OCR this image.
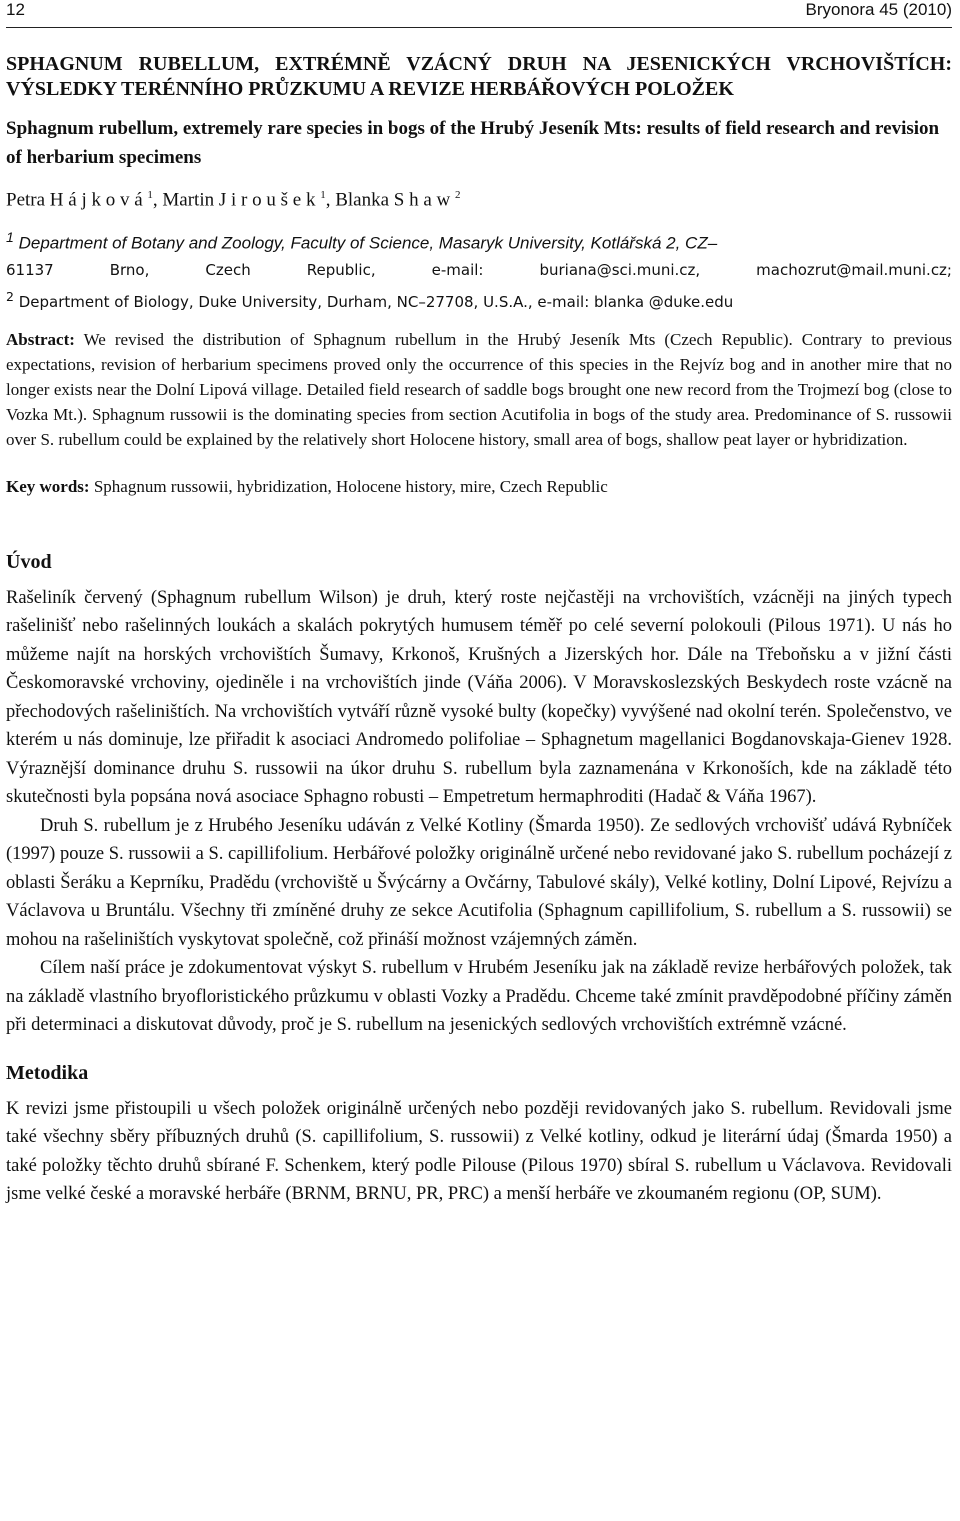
12	Bryonora 45 (2010)

SPHAGNUM RUBELLUM, EXTRÉMNĚ VZÁCNÝ DRUH NA JESENICKÝCH VRCHOVIŠTÍCH: VÝSLEDKY TERÉNNÍHO PRŮZKUMU A REVIZE HERBÁŘOVÝCH POLOŽEK

Sphagnum rubellum, extremely rare species in bogs of the Hrubý Jeseník Mts: results of field research and revision of herbarium specimens

Petra H á j k o v á $^1$, Martin J i r o u š e k $^1$, Blanka S h a w $^2$

$^1$ Department of Botany and Zoology, Faculty of Science, Masaryk University, Kotlářská 2, CZ–

61137 Brno, Czech Republic, e-mail: buriana@sci.muni.cz, machozrut@mail.muni.cz;

$^2$ Department of Biology, Duke University, Durham, NC–27708, U.S.A., e-mail: blanka @duke.edu

Abstract: We revised the distribution of Sphagnum rubellum in the Hrubý Jeseník Mts (Czech Republic). Contrary to previous expectations, revision of herbarium specimens proved only the occurrence of this species in the Rejvíz bog and in another mire that no longer exists near the Dolní Lipová village. Detailed field research of saddle bogs brought one new record from the Trojmezí bog (close to Vozka Mt.). Sphagnum russowii is the dominating species from section Acutifolia in bogs of the study area. Predominance of S. russowii over S. rubellum could be explained by the relatively short Holocene history, small area of bogs, shallow peat layer or hybridization.

Key words: Sphagnum russowii, hybridization, Holocene history, mire, Czech Republic

Úvod

Rašeliník červený (Sphagnum rubellum Wilson) je druh, který roste nejčastěji na vrchovištích, vzácněji na jiných typech rašelinišť nebo rašelinných loukách a skalách pokrytých humusem téměř po celé severní polokouli (Pilous 1971). U nás ho můžeme najít na horských vrchovištích Šumavy, Krkonoš, Krušných a Jizerských hor. Dále na Třeboňsku a v jižní části Českomoravské vrchoviny, ojediněle i na vrchovištích jinde (Váňa 2006). V Moravskoslezských Beskydech roste vzácně na přechodových rašeliništích. Na vrchovištích vytváří různě vysoké bulty (kopečky) vyvýšené nad okolní terén. Společenstvo, ve kterém u nás dominuje, lze přiřadit k asociaci Andromedo polifoliae – Sphagnetum magellanici Bogdanovskaja-Gienev 1928. Výraznější dominance druhu S. russowii na úkor druhu S. rubellum byla zaznamenána v Krkonoších, kde na základě této skutečnosti byla popsána nová asociace Sphagno robusti – Empetretum hermaphroditi (Hadač & Váňa 1967).

Druh S. rubellum je z Hrubého Jeseníku udáván z Velké Kotliny (Šmarda 1950). Ze sedlových vrchovišť udává Rybníček (1997) pouze S. russowii a S. capillifolium. Herbářové položky originálně určené nebo revidované jako S. rubellum pocházejí z oblasti Šeráku a Keprníku, Pradědu (vrchoviště u Švýcárny a Ovčárny, Tabulové skály), Velké kotliny, Dolní Lipové, Rejvízu a Václavova u Bruntálu. Všechny tři zmíněné druhy ze sekce Acutifolia (Sphagnum capillifolium, S. rubellum a S. russowii) se mohou na rašeliništích vyskytovat společně, což přináší možnost vzájemných záměn.

Cílem naší práce je zdokumentovat výskyt S. rubellum v Hrubém Jeseníku jak na základě revize herbářových položek, tak na základě vlastního bryofloristického průzkumu v oblasti Vozky a Pradědu. Chceme také zmínit pravděpodobné příčiny záměn při determinaci a diskutovat důvody, proč je S. rubellum na jesenických sedlových vrchovištích extrémně vzácné.

Metodika

K revizi jsme přistoupili u všech položek originálně určených nebo později revidovaných jako S. rubellum. Revidovali jsme také všechny sběry příbuzných druhů (S. capillifolium, S. russowii) z Velké kotliny, odkud je literární údaj (Šmarda 1950) a také položky těchto druhů sbírané F. Schenkem, který podle Pilouse (Pilous 1970) sbíral S. rubellum u Václavova. Revidovali jsme velké české a moravské herbáře (BRNM, BRNU, PR, PRC) a menší herbáře ve zkoumaném regionu (OP, SUM).
